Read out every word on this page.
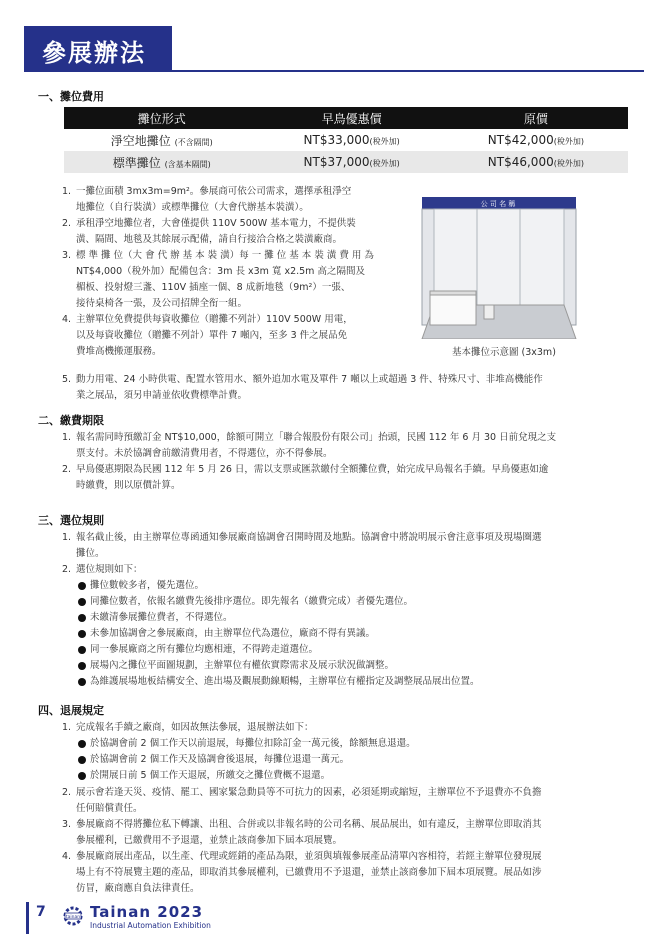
參展辦法
一、攤位費用
攤位形式	早鳥優惠價	原價
淨空地攤位 (不含隔間)	NT$33,000(稅外加)	NT$42,000(稅外加)
標準攤位 (含基本隔間)	NT$37,000(稅外加)	NT$46,000(稅外加)
1. 一攤位面積 3mx3m=9m²。參展商可依公司需求，選擇承租淨空
地攤位（自行裝潢）或標準攤位（大會代辦基本裝潢）。
2. 承租淨空地攤位者，大會僅提供 110V 500W 基本電力，不提供裝
潢、隔間、地毯及其餘展示配備，請自行接洽合格之裝潢廠商。
3. 標 準 攤 位（大 會 代 辦 基 本 裝 潢）每 一 攤 位 基 本 裝 潢 費 用 為
NT$4,000（稅外加）配備包含：3m 長 x3m 寬 x2.5m 高之隔間及
楣板、投射燈三盞、110V 插座一個、8 成新地毯（9m²）一張、
接待桌椅各一張，及公司招牌全衔一組。
4. 主辦單位免費提供每資收攤位（贈攤不列計）110V 500W 用電，
以及每資收攤位（贈攤不列計）單件 7 噸內，至多 3 件之展品免
費堆高機搬運服務。
5. 動力用電、24 小時供電、配置水管用水、額外追加水電及單件 7 噸以上或超過 3 件、特殊尺寸、非堆高機能作
業之展品，須另申請並依收費標準計費。
公 司 名 稱
基本攤位示意圖 (3x3m)
二、繳費期限
1. 報名需同時預繳訂金 NT$10,000，餘額可開立「聯合報股份有限公司」抬頭，民國 112 年 6 月 30 日前兌現之支
票支付。未於協調會前繳清費用者，不得選位，亦不得參展。
2. 早鳥優惠期限為民國 112 年 5 月 26 日，需以支票或匯款繳付全額攤位費，始完成早鳥報名手續。早鳥優惠如逾
時繳費，則以原價計算。
三、選位規則
1. 報名截止後，由主辦單位專函通知參展廠商協調會召開時間及地點。協調會中將說明展示會注意事項及現場圈選
攤位。
2. 選位規則如下：
攤位數較多者，優先選位。
同攤位數者，依報名繳費先後排序選位。即先報名（繳費完成）者優先選位。
未繳清參展攤位費者，不得選位。
未參加協調會之參展廠商，由主辦單位代為選位，廠商不得有異議。
同一參展廠商之所有攤位均應相連，不得跨走道選位。
展場內之攤位平面圖規劃，主辦單位有權依實際需求及展示狀況做調整。
為維護展場地板結構安全、進出場及觀展動線順暢，主辦單位有權指定及調整展品展出位置。
四、退展規定
1. 完成報名手續之廠商，如因故無法參展，退展辦法如下：
於協調會前 2 個工作天以前退展，每攤位扣除訂金一萬元後，餘額無息退還。
於協調會前 2 個工作天及協調會後退展，每攤位退還一萬元。
於開展日前 5 個工作天退展，所繳交之攤位費概不退還。
2. 展示會若逢天災、疫情、罷工、國家緊急動員等不可抗力的因素，必須延期或縮短，主辦單位不予退費亦不負擔
任何賠償責任。
3. 參展廠商不得將攤位私下轉讓、出租、合併或以非報名時的公司名稱、展品展出，如有違反，主辦單位即取消其
參展權利，已繳費用不予退還，並禁止該商參加下屆本項展覽。
4. 參展廠商展出產品，以生產、代理或經銷的產品為限，並須與填報參展產品清單內容相符，若經主辦單位發現展
場上有不符展覽主題的產品，即取消其參展權利，已繳費用不予退還，並禁止該商參加下屆本項展覽。展品如涉
仿冒，廠商應自負法律責任。
7	tainan Tainan 2023
Industrial Automation Exhibition
